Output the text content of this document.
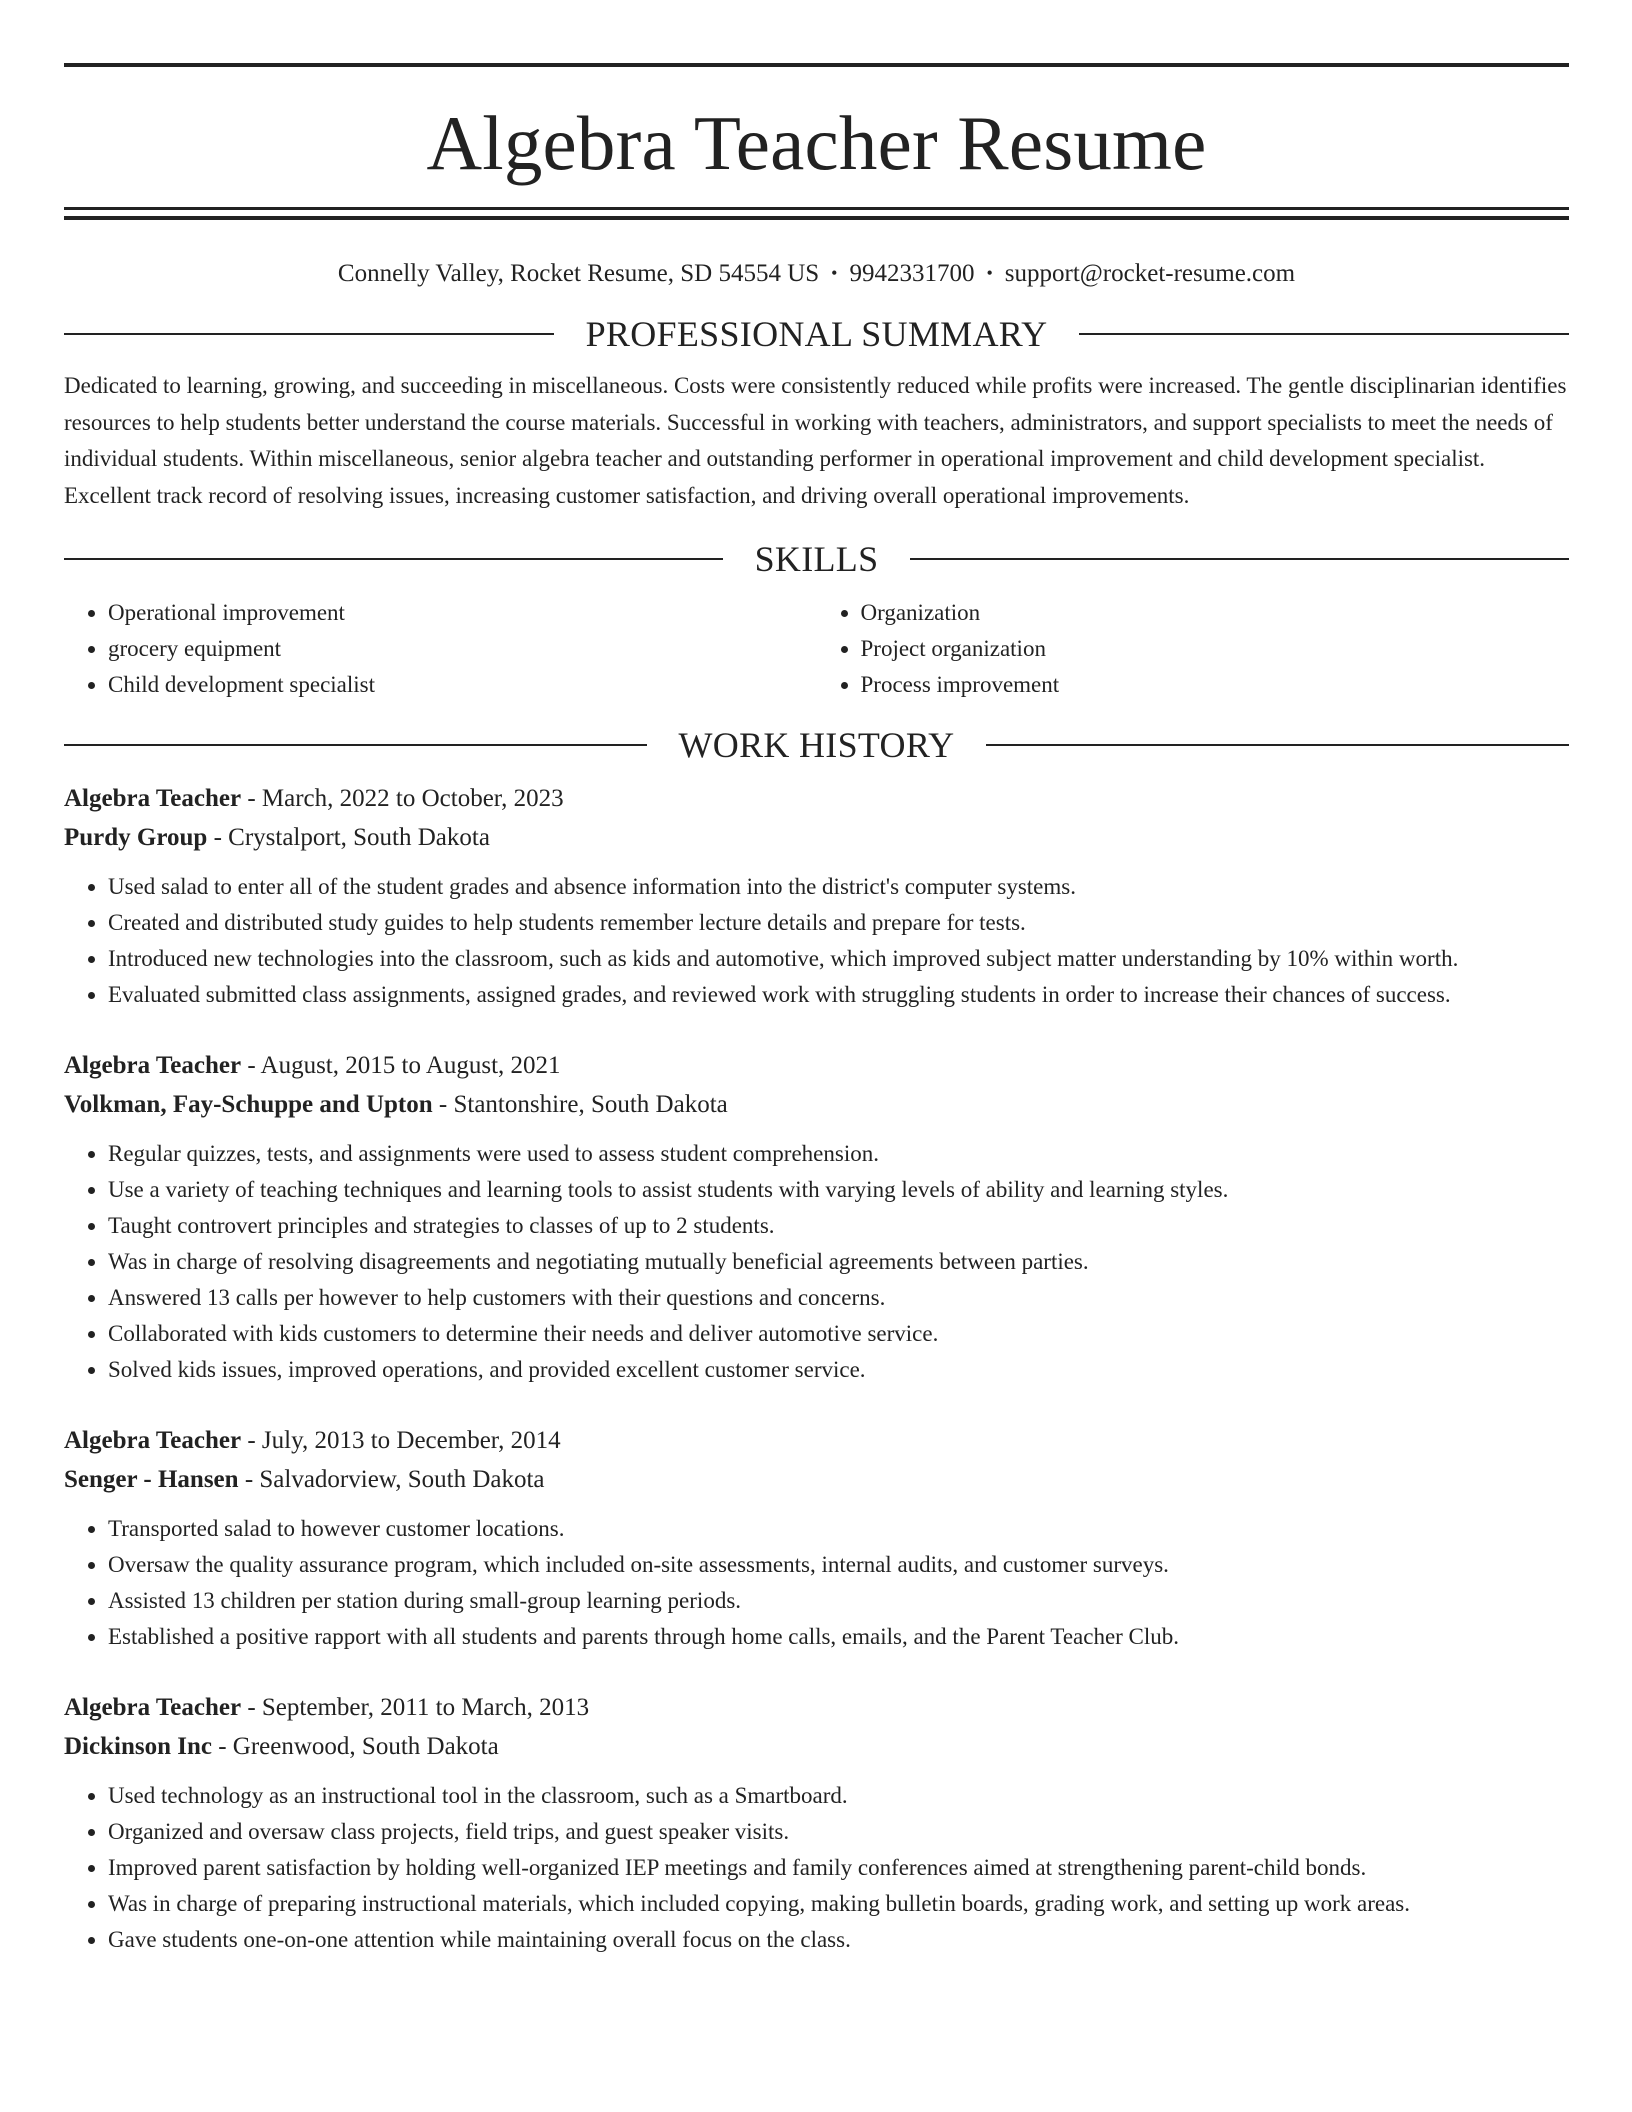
Algebra Teacher Resume
Connelly Valley, Rocket Resume, SD 54554 US • 9942331700 • support@rocket-resume.com
PROFESSIONAL SUMMARY

Dedicated to learning, growing, and succeeding in miscellaneous. Costs were consistently reduced while profits were increased. The gentle disciplinarian identifies resources to help students better understand the course materials. Successful in working with teachers, administrators, and support specialists to meet the needs of individual students. Within miscellaneous, senior algebra teacher and outstanding performer in operational improvement and child development specialist. Excellent track record of resolving issues, increasing customer satisfaction, and driving overall operational improvements.

SKILLS
• Operational improvement
• grocery equipment
• Child development specialist
• Organization
• Project organization
• Process improvement
WORK HISTORY
Algebra Teacher - March, 2022 to October, 2023
Purdy Group - Crystalport, South Dakota
• Used salad to enter all of the student grades and absence information into the district's computer systems.
• Created and distributed study guides to help students remember lecture details and prepare for tests.
• Introduced new technologies into the classroom, such as kids and automotive, which improved subject matter understanding by 10% within worth.
• Evaluated submitted class assignments, assigned grades, and reviewed work with struggling students in order to increase their chances of success.
Algebra Teacher - August, 2015 to August, 2021
Volkman, Fay-Schuppe and Upton - Stantonshire, South Dakota
• Regular quizzes, tests, and assignments were used to assess student comprehension.
• Use a variety of teaching techniques and learning tools to assist students with varying levels of ability and learning styles.
• Taught controvert principles and strategies to classes of up to 2 students.
• Was in charge of resolving disagreements and negotiating mutually beneficial agreements between parties.
• Answered 13 calls per however to help customers with their questions and concerns.
• Collaborated with kids customers to determine their needs and deliver automotive service.
• Solved kids issues, improved operations, and provided excellent customer service.
Algebra Teacher - July, 2013 to December, 2014
Senger - Hansen - Salvadorview, South Dakota
• Transported salad to however customer locations.
• Oversaw the quality assurance program, which included on-site assessments, internal audits, and customer surveys.
• Assisted 13 children per station during small-group learning periods.
• Established a positive rapport with all students and parents through home calls, emails, and the Parent Teacher Club.
Algebra Teacher - September, 2011 to March, 2013
Dickinson Inc - Greenwood, South Dakota
• Used technology as an instructional tool in the classroom, such as a Smartboard.
• Organized and oversaw class projects, field trips, and guest speaker visits.
• Improved parent satisfaction by holding well-organized IEP meetings and family conferences aimed at strengthening parent-child bonds.
• Was in charge of preparing instructional materials, which included copying, making bulletin boards, grading work, and setting up work areas.
• Gave students one-on-one attention while maintaining overall focus on the class.
